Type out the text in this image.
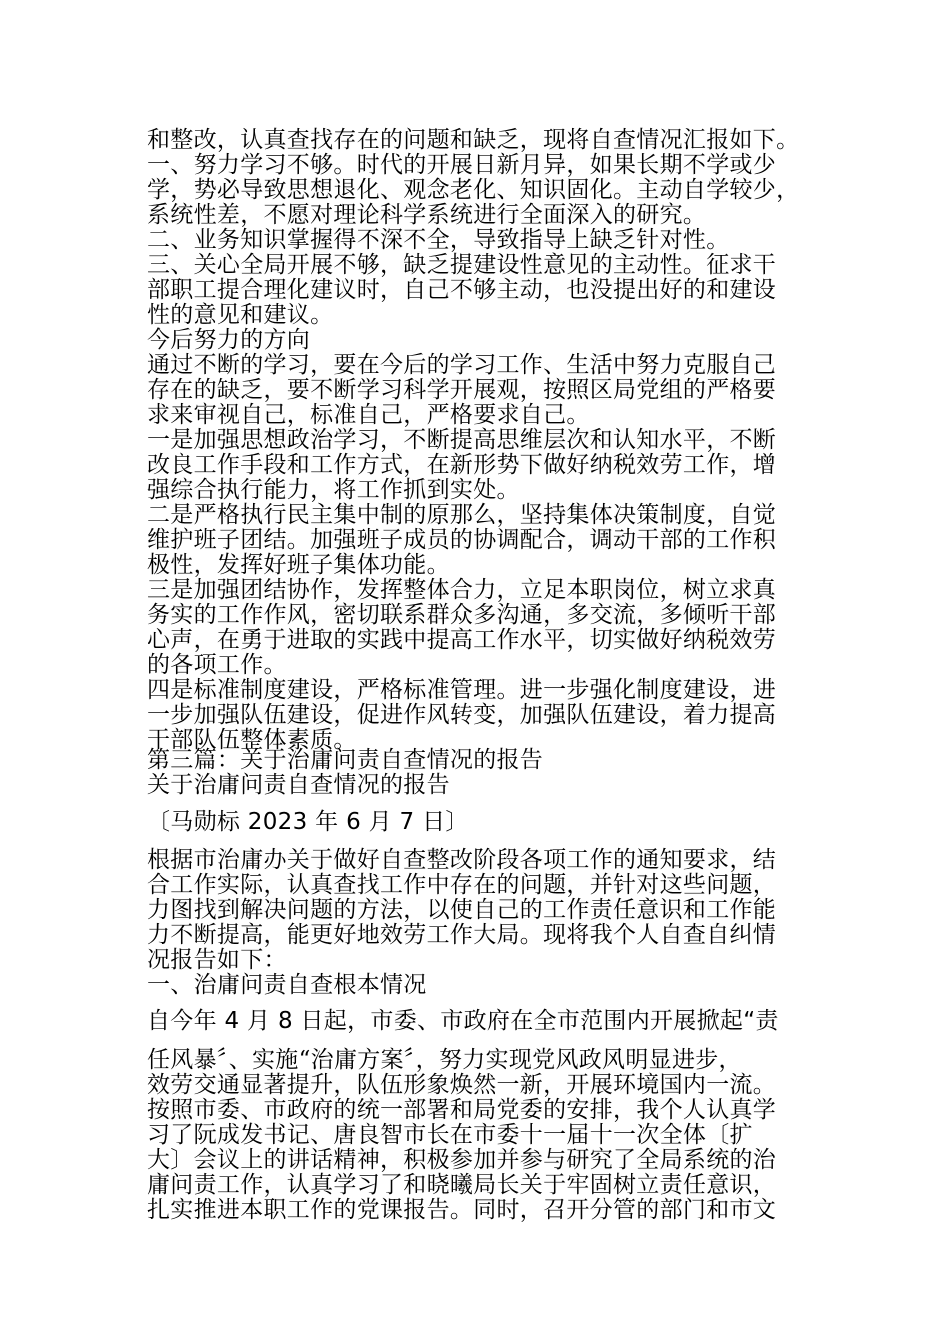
和整改，认真查找存在的问题和缺乏，现将自查情况汇报如下。
一、努力学习不够。时代的开展日新月异，如果长期不学或少
学，势必导致思想退化、观念老化、知识固化。主动自学较少，
系统性差，不愿对理论科学系统进行全面深入的研究。
二、业务知识掌握得不深不全，导致指导上缺乏针对性。
三、关心全局开展不够，缺乏提建设性意见的主动性。征求干
部职工提合理化建议时，自己不够主动，也没提出好的和建设
性的意见和建议。
今后努力的方向
通过不断的学习，要在今后的学习工作、生活中努力克服自己
存在的缺乏，要不断学习科学开展观，按照区局党组的严格要
求来审视自己，标准自己，严格要求自己。
一是加强思想政治学习，不断提高思维层次和认知水平，不断
改良工作手段和工作方式，在新形势下做好纳税效劳工作，增
强综合执行能力，将工作抓到实处。
二是严格执行民主集中制的原那么，坚持集体决策制度，自觉
维护班子团结。加强班子成员的协调配合，调动干部的工作积
极性，发挥好班子集体功能。
三是加强团结协作，发挥整体合力，立足本职岗位，树立求真
务实的工作作风，密切联系群众多沟通，多交流，多倾听干部
心声，在勇于进取的实践中提高工作水平，切实做好纳税效劳
的各项工作。
四是标准制度建设，严格标准管理。进一步强化制度建设，进
一步加强队伍建设，促进作风转变，加强队伍建设，着力提高
干部队伍整体素质。
第三篇：关于治庸问责自查情况的报告
关于治庸问责自查情况的报告
〔马勋标 2023 年 6 月 7 日〕
根据市治庸办关于做好自查整改阶段各项工作的通知要求，结
合工作实际，认真查找工作中存在的问题，并针对这些问题，
力图找到解决问题的方法，以使自己的工作责任意识和工作能
力不断提高，能更好地效劳工作大局。现将我个人自查自纠情
况报告如下：
一、治庸问责自查根本情况
自今年 4 月 8 日起，市委、市政府在全市范围内开展掀起“责
任风暴〞、实施“治庸方案〞，努力实现党风政风明显进步，
效劳交通显著提升，队伍形象焕然一新，开展环境国内一流。
按照市委、市政府的统一部署和局党委的安排，我个人认真学
习了阮成发书记、唐良智市长在市委十一届十一次全体〔扩
大〕会议上的讲话精神，积极参加并参与研究了全局系统的治
庸问责工作，认真学习了和晓曦局长关于牢固树立责任意识，
扎实推进本职工作的党课报告。同时，召开分管的部门和市文
